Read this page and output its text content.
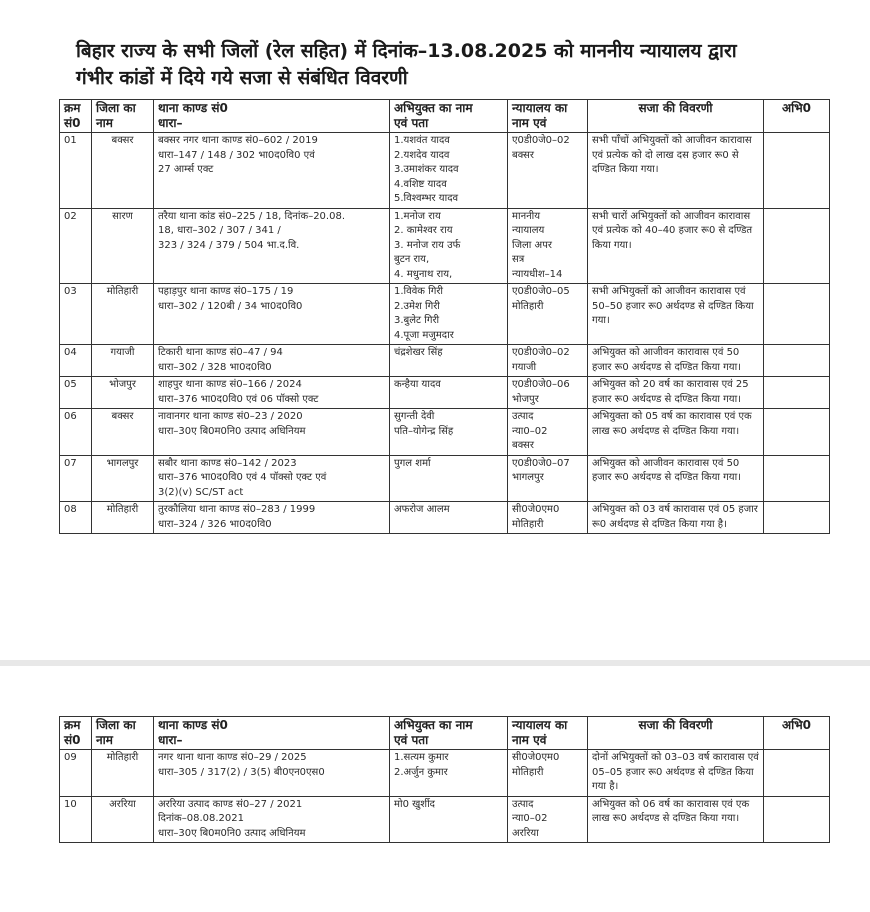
बिहार राज्य के सभी जिलों (रेल सहित) में दिनांक–13.08.2025 को माननीय न्यायालय द्वारा
गंभीर कांडों में दिये गये सजा से संबंधित विवरणी
क्रम
सं0	जिला का
नाम	थाना काण्ड सं0
धारा–	अभियुक्त का नाम
एवं पता	न्यायालय का
नाम एवं	सजा की विवरणी	अभि0
01	बक्सर	बक्सर नगर थाना काण्ड सं0–602 / 2019
धारा–147 / 148 / 302 भा0द0वि0 एवं
27 आर्म्स एक्ट	1.यशवंत यादव
2.यशदेव यादव
3.उमाशंकर यादव
4.वशिष्ट यादव
5.विश्वम्भर यादव	ए0डी0जे0–02
बक्सर	सभी पाँचों अभियुक्तों को आजीवन कारावास एवं प्रत्येक को दो लाख दस हजार रू0 से दण्डित किया गया।	
02	सारण	तरैया थाना कांड सं0–225 / 18, दिनांक–20.08.
18, धारा–302 / 307 / 341 /
323 / 324 / 379 / 504 भा.द.वि.	1.मनोज राय
2. कामेश्वर राय
3. मनोज राय उर्फ
बुटन राय,
4. मधुनाथ राय,	माननीय
न्यायालय
जिला अपर
सत्र
न्यायधीश–14	सभी चारों अभियुक्तों को आजीवन कारावास एवं प्रत्येक को 40–40 हजार रू0 से दण्डित किया गया।	
03	मोतिहारी	पहाड़पुर थाना काण्ड सं0–175 / 19
धारा–302 / 120बी / 34 भा0द0वि0	1.विवेक गिरी
2.उमेश गिरी
3.बुलेट गिरी
4.पूजा मजुमदार	ए0डी0जे0–05
मोतिहारी	सभी अभियुक्तों को आजीवन कारावास एवं 50–50 हजार रू0 अर्थदण्ड से दण्डित किया गया।	
04	गयाजी	टिकारी थाना काण्ड सं0–47 / 94
धारा–302 / 328 भा0द0वि0	चंद्रशेखर सिंह	ए0डी0जे0–02
गयाजी	अभियुक्त को आजीवन कारावास एवं 50 हजार रू0 अर्थदण्ड से दण्डित किया गया।	
05	भोजपुर	शाहपुर थाना काण्ड सं0–166 / 2024
धारा–376 भा0द0वि0 एवं 06 पॉक्सो एक्ट	कन्हैया यादव	ए0डी0जे0–06
भोजपुर	अभियुक्त को 20 वर्ष का कारावास एवं 25 हजार रू0 अर्थदण्ड से दण्डित किया गया।	
06	बक्सर	नावानगर थाना काण्ड सं0–23 / 2020
धारा–30ए बि0म0नि0 उत्पाद अधिनियम	सुगन्ती देवी
पति–योगेन्द्र सिंह	उत्पाद
न्या0–02
बक्सर	अभियुक्ता को 05 वर्ष का कारावास एवं एक लाख रू0 अर्थदण्ड से दण्डित किया गया।	
07	भागलपुर	सबौर थाना काण्ड सं0–142 / 2023
धारा–376 भा0द0वि0 एवं 4 पॉक्सो एक्ट एवं
3(2)(v) SC/ST act	पुगल शर्मा	ए0डी0जे0–07
भागलपुर	अभियुक्त को आजीवन कारावास एवं 50 हजार रू0 अर्थदण्ड से दण्डित किया गया।	
08	मोतिहारी	तुरकौलिया थाना काण्ड सं0–283 / 1999
धारा–324 / 326 भा0द0वि0	अफरोज आलम	सी0जे0एम0
मोतिहारी	अभियुक्त को 03 वर्ष कारावास एवं 05 हजार रू0 अर्थदण्ड से दण्डित किया गया है।	
क्रम
सं0	जिला का
नाम	थाना काण्ड सं0
धारा–	अभियुक्त का नाम
एवं पता	न्यायालय का
नाम एवं	सजा की विवरणी	अभि0
09	मोतिहारी	नगर थाना थाना काण्ड सं0–29 / 2025
धारा–305 / 317(2) / 3(5) बी0एन0एस0	1.सत्यम कुमार
2.अर्जुन कुमार	सी0जे0एम0
मोतिहारी	दोनों अभियुक्तों को 03–03 वर्ष कारावास एवं 05–05 हजार रू0 अर्थदण्ड से दण्डित किया गया है।	
10	अररिया	अररिया उत्पाद काण्ड सं0–27 / 2021
दिनांक–08.08.2021
धारा–30ए बि0म0नि0 उत्पाद अधिनियम	मो0 खुर्शीद	उत्पाद
न्या0–02
अररिया	अभियुक्त को 06 वर्ष का कारावास एवं एक लाख रू0 अर्थदण्ड से दण्डित किया गया।	
